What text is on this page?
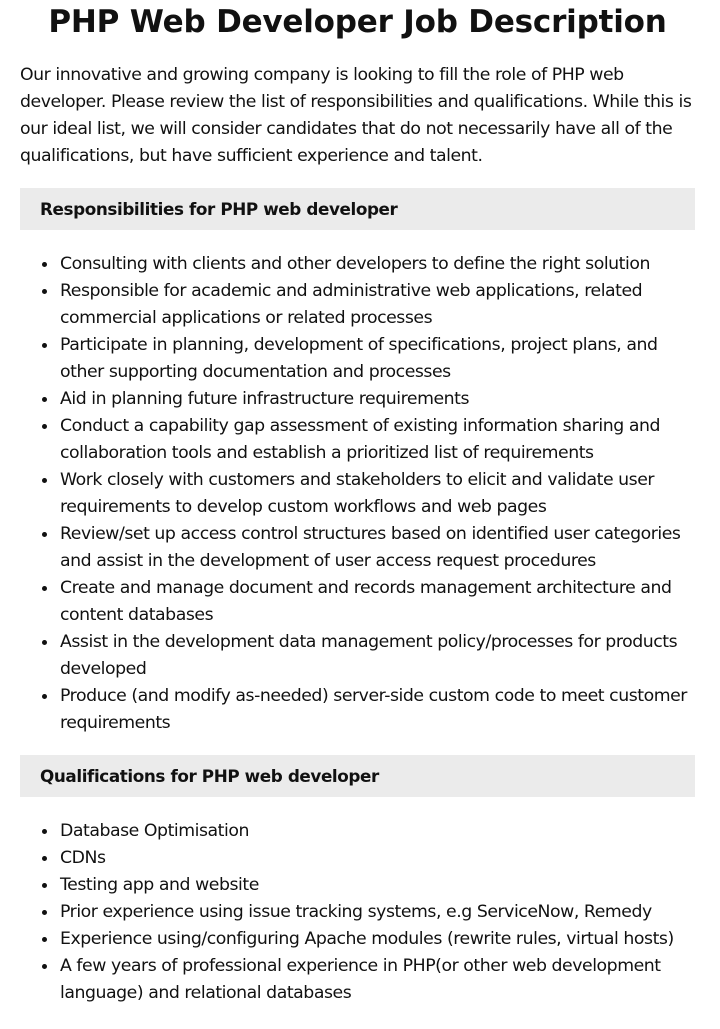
PHP Web Developer Job Description

Our innovative and growing company is looking to fill the role of PHP web developer. Please review the list of responsibilities and qualifications. While this is our ideal list, we will consider candidates that do not necessarily have all of the qualifications, but have sufficient experience and talent.

Responsibilities for PHP web developer
Consulting with clients and other developers to define the right solution
Responsible for academic and administrative web applications, related commercial applications or related processes
Participate in planning, development of specifications, project plans, and other supporting documentation and processes
Aid in planning future infrastructure requirements
Conduct a capability gap assessment of existing information sharing and collaboration tools and establish a prioritized list of requirements
Work closely with customers and stakeholders to elicit and validate user requirements to develop custom workflows and web pages
Review/set up access control structures based on identified user categories and assist in the development of user access request procedures
Create and manage document and records management architecture and content databases
Assist in the development data management policy/processes for products developed
Produce (and modify as-needed) server-side custom code to meet customer requirements
Qualifications for PHP web developer
Database Optimisation
CDNs
Testing app and website
Prior experience using issue tracking systems, e.g ServiceNow, Remedy
Experience using/configuring Apache modules (rewrite rules, virtual hosts)
A few years of professional experience in PHP(or other web development language) and relational databases
